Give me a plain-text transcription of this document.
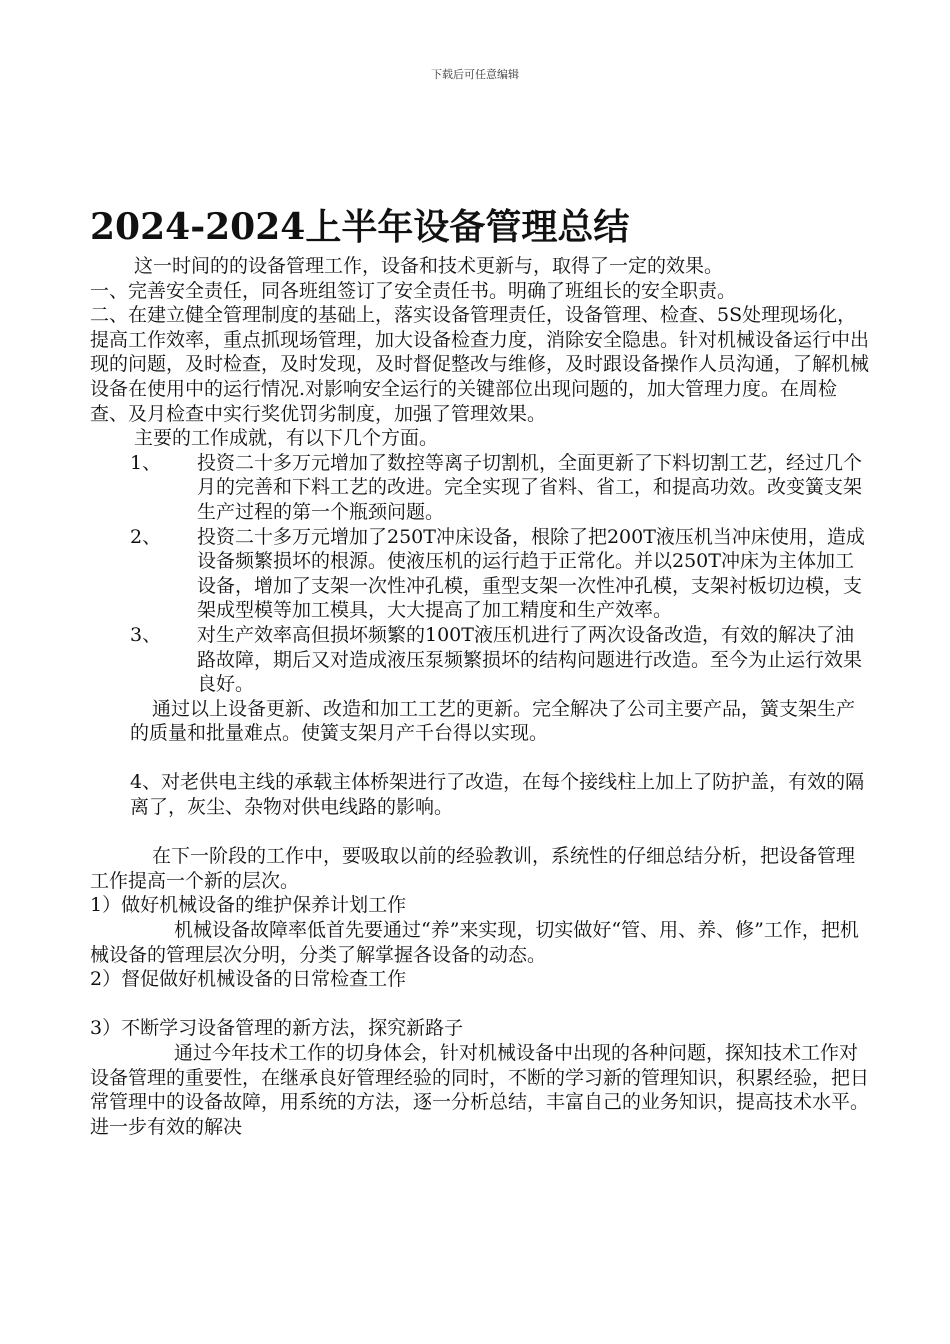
下载后可任意编辑
2024-2024上半年设备管理总结

这一时间的的设备管理工作，设备和技术更新与，取得了一定的效果。

一、完善安全责任，同各班组签订了安全责任书。明确了班组长的安全职责。

二、在建立健全管理制度的基础上，落实设备管理责任，设备管理、检查、5S处理现场化，提高工作效率，重点抓现场管理，加大设备检查力度，消除安全隐患。针对机械设备运行中出现的问题，及时检查，及时发现，及时督促整改与维修，及时跟设备操作人员沟通，了解机械设备在使用中的运行情况.对影响安全运行的关键部位出现问题的，加大管理力度。在周检查、及月检查中实行奖优罚劣制度，加强了管理效果。

主要的工作成就，有以下几个方面。

1、 投资二十多万元增加了数控等离子切割机，全面更新了下料切割工艺，经过几个月的完善和下料工艺的改进。完全实现了省料、省工，和提高功效。改变簧支架生产过程的第一个瓶颈问题。
2、 投资二十多万元增加了250T冲床设备，根除了把200T液压机当冲床使用，造成设备频繁损坏的根源。使液压机的运行趋于正常化。并以250T冲床为主体加工设备，增加了支架一次性冲孔模，重型支架一次性冲孔模，支架衬板切边模，支架成型模等加工模具，大大提高了加工精度和生产效率。
3、 对生产效率高但损坏频繁的100T液压机进行了两次设备改造，有效的解决了油路故障，期后又对造成液压泵频繁损坏的结构问题进行改造。至今为止运行效果良好。

通过以上设备更新、改造和加工工艺的更新。完全解决了公司主要产品，簧支架生产的质量和批量难点。使簧支架月产千台得以实现。

4、对老供电主线的承载主体桥架进行了改造，在每个接线柱上加上了防护盖，有效的隔离了，灰尘、杂物对供电线路的影响。

在下一阶段的工作中，要吸取以前的经验教训，系统性的仔细总结分析，把设备管理工作提高一个新的层次。

1）做好机械设备的维护保养计划工作

机械设备故障率低首先要通过“养”来实现，切实做好“管、用、养、修”工作，把机械设备的管理层次分明，分类了解掌握各设备的动态。

2）督促做好机械设备的日常检查工作

3）不断学习设备管理的新方法，探究新路子

通过今年技术工作的切身体会，针对机械设备中出现的各种问题，探知技术工作对设备管理的重要性，在继承良好管理经验的同时，不断的学习新的管理知识，积累经验，把日常管理中的设备故障，用系统的方法，逐一分析总结，丰富自己的业务知识，提高技术水平。进一步有效的解决
